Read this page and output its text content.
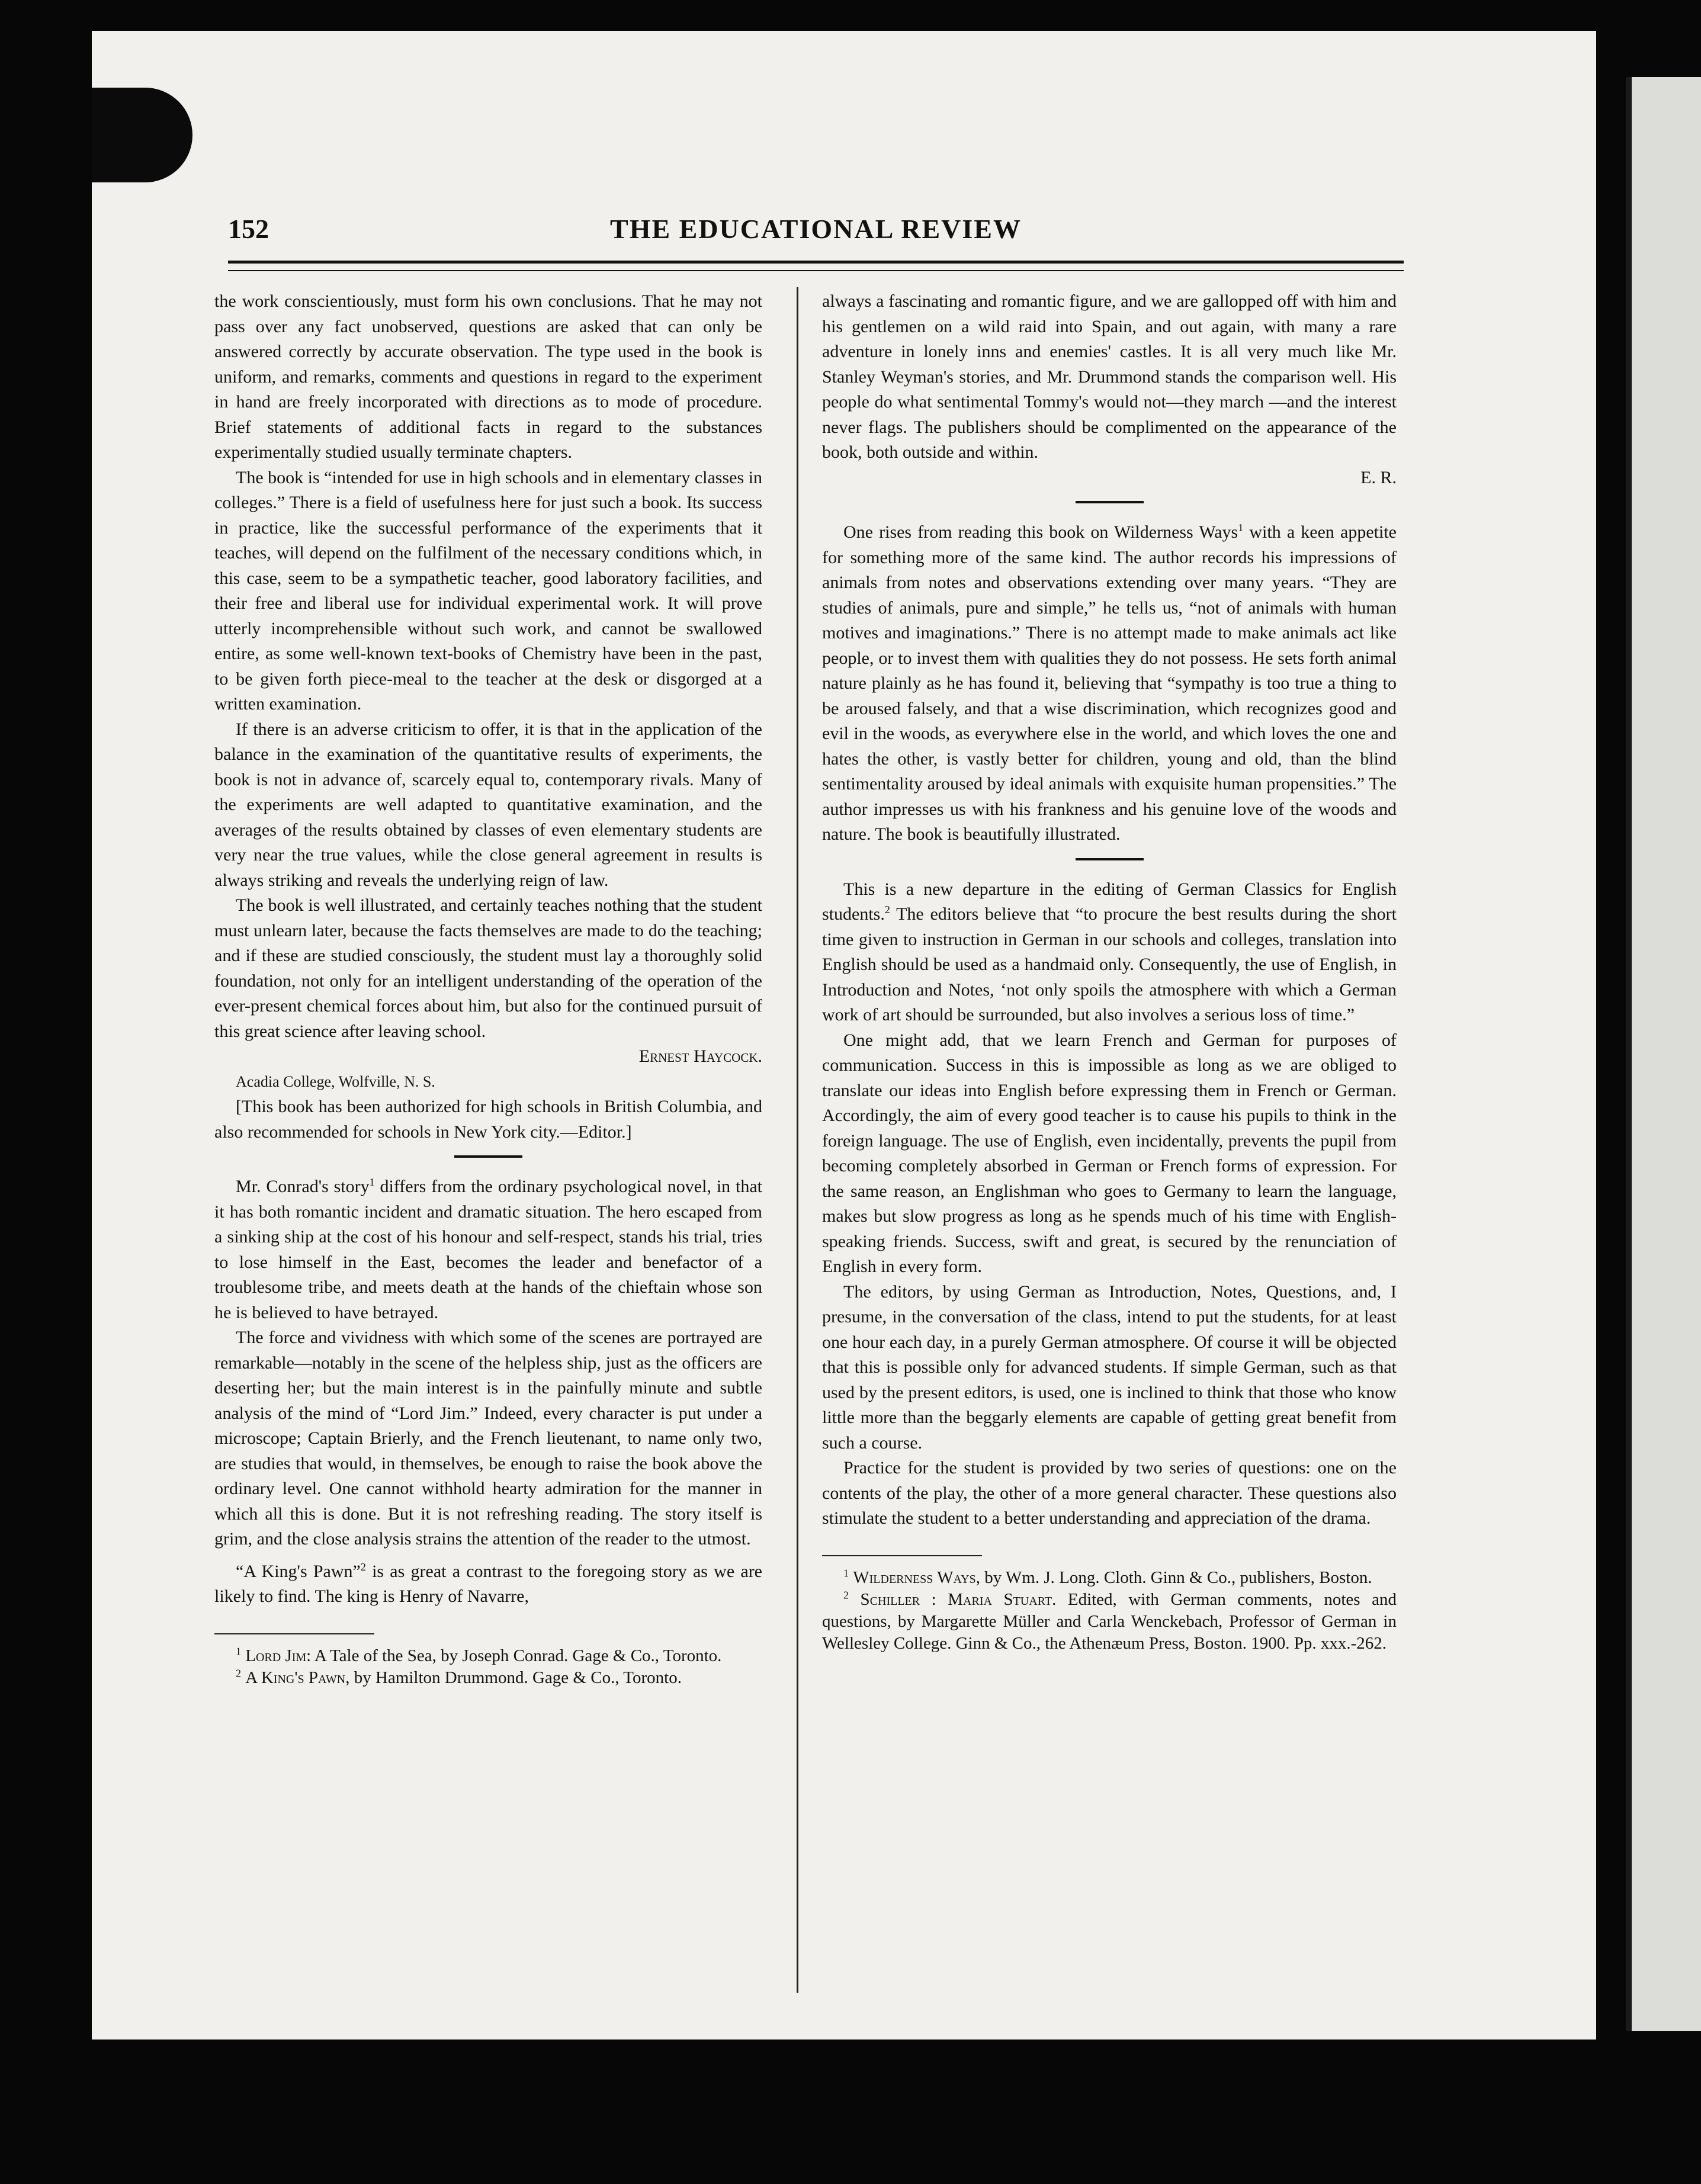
152	THE EDUCATIONAL REVIEW

the work conscientiously, must form his own conclusions. That he may not pass over any fact unobserved, questions are asked that can only be answered correctly by accurate observation. The type used in the book is uniform, and remarks, comments and questions in regard to the experiment in hand are freely incorporated with directions as to mode of procedure. Brief statements of additional facts in regard to the substances experimentally studied usually terminate chapters.

The book is “intended for use in high schools and in elementary classes in colleges.” There is a field of usefulness here for just such a book. Its success in practice, like the successful performance of the experiments that it teaches, will depend on the fulfilment of the necessary conditions which, in this case, seem to be a sympathetic teacher, good laboratory facilities, and their free and liberal use for individual experimental work. It will prove utterly incomprehensible without such work, and cannot be swallowed entire, as some well-known text-books of Chemistry have been in the past, to be given forth piece-meal to the teacher at the desk or disgorged at a written examination.

If there is an adverse criticism to offer, it is that in the application of the balance in the examination of the quantitative results of experiments, the book is not in advance of, scarcely equal to, contemporary rivals. Many of the experiments are well adapted to quantitative examination, and the averages of the results obtained by classes of even elementary students are very near the true values, while the close general agreement in results is always striking and reveals the underlying reign of law.

The book is well illustrated, and certainly teaches nothing that the student must unlearn later, because the facts themselves are made to do the teaching; and if these are studied consciously, the student must lay a thoroughly solid foundation, not only for an intelligent understanding of the operation of the ever-present chemical forces about him, but also for the continued pursuit of this great science after leaving school.

Ernest Haycock.

Acadia College, Wolfville, N. S.

[This book has been authorized for high schools in British Columbia, and also recommended for schools in New York city.—Editor.]

Mr. Conrad's story$^1$ differs from the ordinary psychological novel, in that it has both romantic incident and dramatic situation. The hero escaped from a sinking ship at the cost of his honour and self-respect, stands his trial, tries to lose himself in the East, becomes the leader and benefactor of a troublesome tribe, and meets death at the hands of the chieftain whose son he is believed to have betrayed.

The force and vividness with which some of the scenes are portrayed are remarkable—notably in the scene of the helpless ship, just as the officers are deserting her; but the main interest is in the painfully minute and subtle analysis of the mind of “Lord Jim.” Indeed, every character is put under a microscope; Captain Brierly, and the French lieutenant, to name only two, are studies that would, in themselves, be enough to raise the book above the ordinary level. One cannot withhold hearty admiration for the manner in which all this is done. But it is not refreshing reading. The story itself is grim, and the close analysis strains the attention of the reader to the utmost.

“A King's Pawn”$^2$ is as great a contrast to the foregoing story as we are likely to find. The king is Henry of Navarre,

$^1$ Lord Jim: A Tale of the Sea, by Joseph Conrad. Gage & Co., Toronto.

$^2$ A King's Pawn, by Hamilton Drummond. Gage & Co., Toronto.

always a fascinating and romantic figure, and we are gallopped off with him and his gentlemen on a wild raid into Spain, and out again, with many a rare adventure in lonely inns and enemies' castles. It is all very much like Mr. Stanley Weyman's stories, and Mr. Drummond stands the comparison well. His people do what sentimental Tommy's would not—they march —and the interest never flags. The publishers should be complimented on the appearance of the book, both outside and within.

E. R.

One rises from reading this book on Wilderness Ways$^1$ with a keen appetite for something more of the same kind. The author records his impressions of animals from notes and observations extending over many years. “They are studies of animals, pure and simple,” he tells us, “not of animals with human motives and imaginations.” There is no attempt made to make animals act like people, or to invest them with qualities they do not possess. He sets forth animal nature plainly as he has found it, believing that “sympathy is too true a thing to be aroused falsely, and that a wise discrimination, which recognizes good and evil in the woods, as everywhere else in the world, and which loves the one and hates the other, is vastly better for children, young and old, than the blind sentimentality aroused by ideal animals with exquisite human propensities.” The author impresses us with his frankness and his genuine love of the woods and nature. The book is beautifully illustrated.

This is a new departure in the editing of German Classics for English students.$^2$ The editors believe that “to procure the best results during the short time given to instruction in German in our schools and colleges, translation into English should be used as a handmaid only. Consequently, the use of English, in Introduction and Notes, ‘not only spoils the atmosphere with which a German work of art should be surrounded, but also involves a serious loss of time.”

One might add, that we learn French and German for purposes of communication. Success in this is impossible as long as we are obliged to translate our ideas into English before expressing them in French or German. Accordingly, the aim of every good teacher is to cause his pupils to think in the foreign language. The use of English, even incidentally, prevents the pupil from becoming completely absorbed in German or French forms of expression. For the same reason, an Englishman who goes to Germany to learn the language, makes but slow progress as long as he spends much of his time with English-speaking friends. Success, swift and great, is secured by the renunciation of English in every form.

The editors, by using German as Introduction, Notes, Questions, and, I presume, in the conversation of the class, intend to put the students, for at least one hour each day, in a purely German atmosphere. Of course it will be objected that this is possible only for advanced students. If simple German, such as that used by the present editors, is used, one is inclined to think that those who know little more than the beggarly elements are capable of getting great benefit from such a course.

Practice for the student is provided by two series of questions: one on the contents of the play, the other of a more general character. These questions also stimulate the student to a better understanding and appreciation of the drama.

$^1$ Wilderness Ways, by Wm. J. Long. Cloth. Ginn & Co., publishers, Boston.

$^2$ Schiller : Maria Stuart. Edited, with German comments, notes and questions, by Margarette Müller and Carla Wenckebach, Professor of German in Wellesley College. Ginn & Co., the Athenæum Press, Boston. 1900. Pp. xxx.-262.
